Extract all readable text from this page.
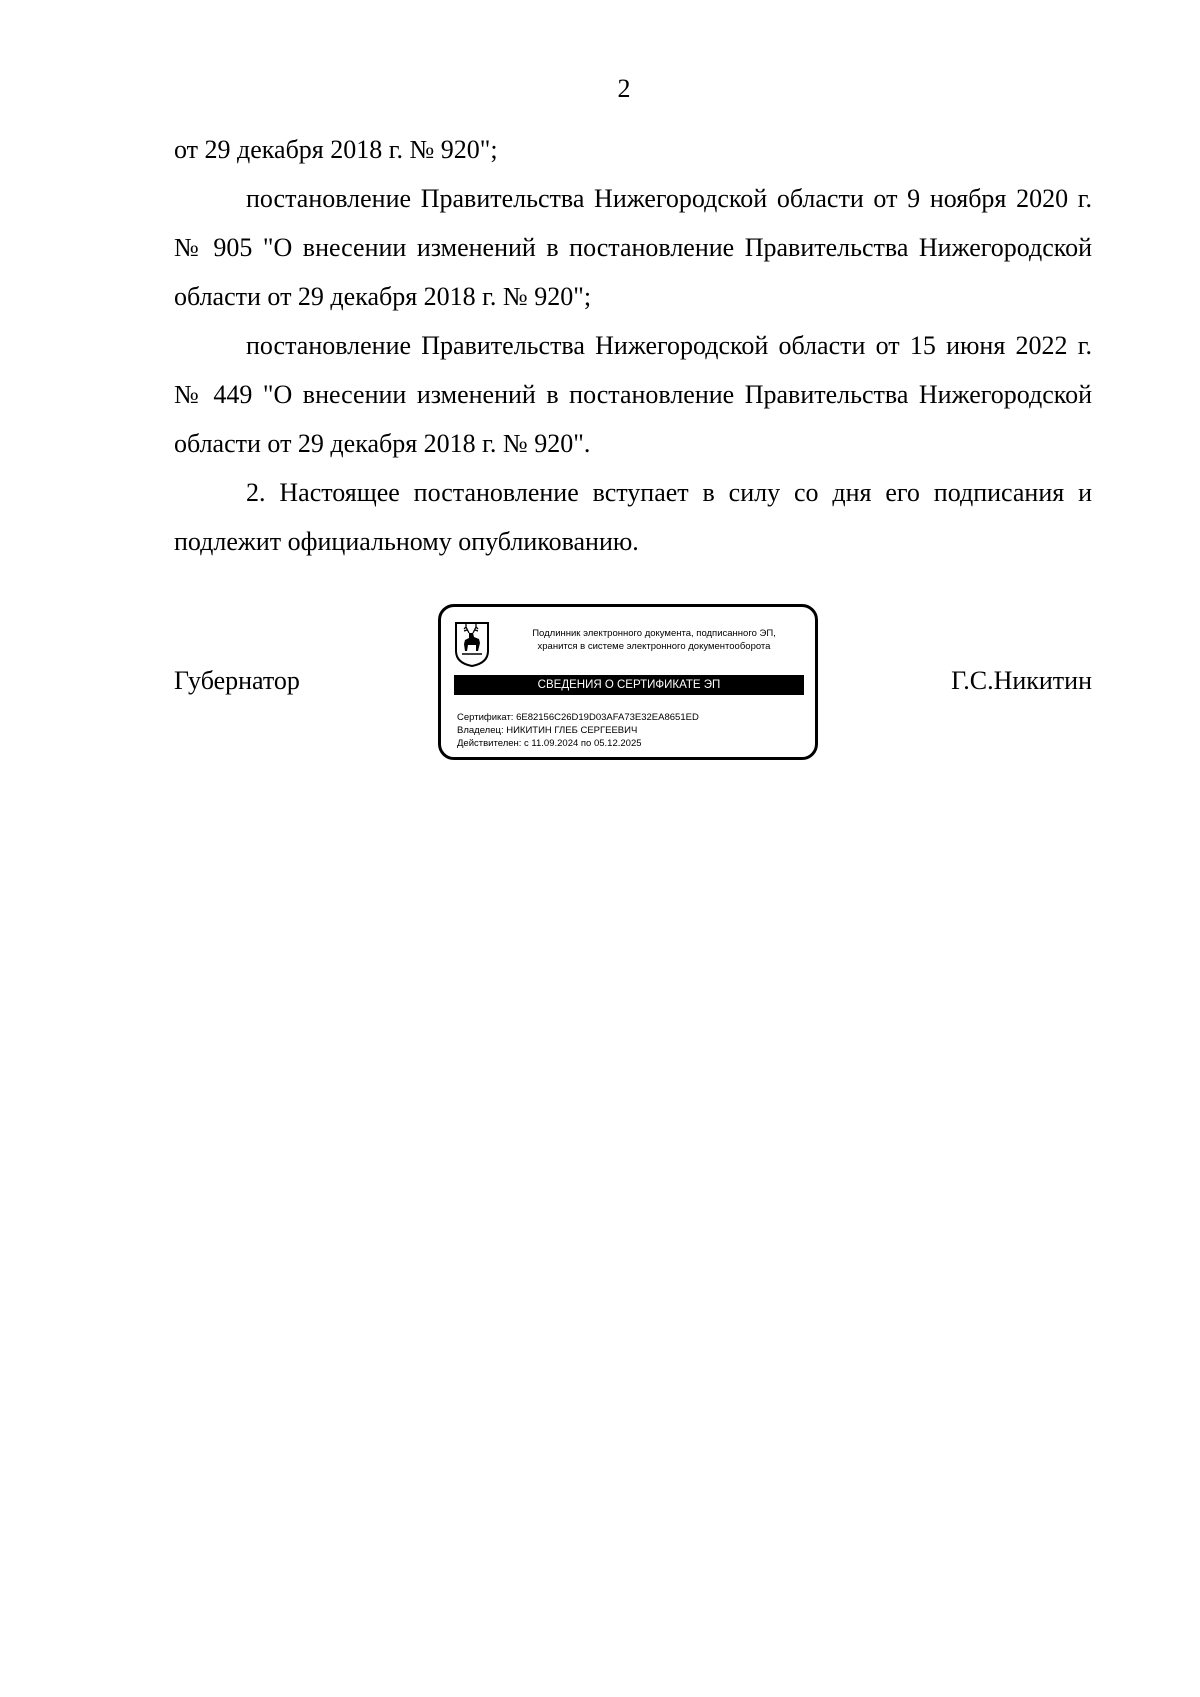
2

от 29 декабря 2018 г. № 920";

постановление Правительства Нижегородской области от 9 ноября 2020 г. № 905 "О внесении изменений в постановление Правительства Нижегородской области от 29 декабря 2018 г. № 920";

постановление Правительства Нижегородской области от 15 июня 2022 г. № 449 "О внесении изменений в постановление Правительства Нижегородской области от 29 декабря 2018 г. № 920".

2. Настоящее постановление вступает в силу со дня его подписания и подлежит официальному опубликованию.

Губернатор
Подлинник электронного документа, подписанного ЭП,
хранится в системе электронного документооборота
СВЕДЕНИЯ О СЕРТИФИКАТЕ ЭП
Сертификат: 6E82156C26D19D03AFA73E32EA8651ED
Владелец: НИКИТИН ГЛЕБ СЕРГЕЕВИЧ
Действителен: с 11.09.2024 по 05.12.2025
Г.С.Никитин
